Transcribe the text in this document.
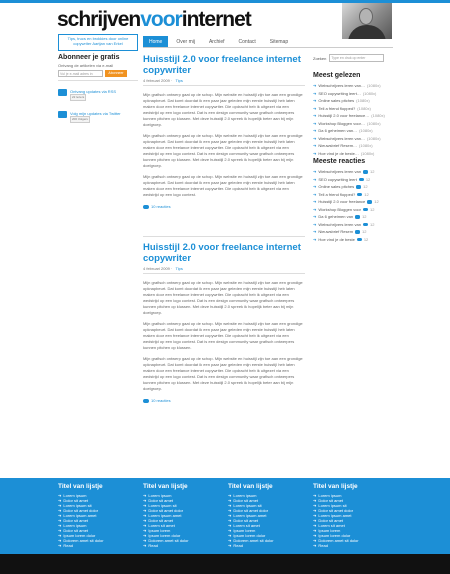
schrijvenvoorinternet
Tips, trucs en brokkies door online copywriter Aartjan van Erkel	Home	Over mij	Archief	Contact	Sitemap
Abonneer je gratis
Ontvang de artikelen via e-mail
Vul je e-mail adres in	Abonneer
Ontvang updates via RSS
22 lezers
Volg mijn updates via Twitter
200 Volgers
Huisstijl 2.0 voor freelance internet copywriter
4 februari 2009 · Tips

Mijn grafisch ontwerp gaat op de schop. Mijn website en huisstijl zijn toe aan een grondige opknapbeurt. Dat komt doordat ik een paar jaar geleden mijn eerste huisstijl heb laten maken door een freelance internet copywriter. Die opdracht heb ik uitgezet via een wedstrijd op een logo contest. Dat is een design community waar grafisch ontwerpers kunnen pitchen op klussen. Met deze huisstijl 2.0 spreek ik hopelijk beter aan bij mijn doelgroep.

Mijn grafisch ontwerp gaat op de schop. Mijn website en huisstijl zijn toe aan een grondige opknapbeurt. Dat komt doordat ik een paar jaar geleden mijn eerste huisstijl heb laten maken door een freelance internet copywriter. Die opdracht heb ik uitgezet via een wedstrijd op een logo contest. Dat is een design community waar grafisch ontwerpers kunnen pitchen op klussen. Met deze huisstijl 2.0 spreek ik hopelijk beter aan bij mijn doelgroep.

Mijn grafisch ontwerp gaat op de schop. Mijn website en huisstijl zijn toe aan een grondige opknapbeurt. Dat komt doordat ik een paar jaar geleden mijn eerste huisstijl heb laten maken door een freelance internet copywriter. Die opdracht heb ik uitgezet via een wedstrijd op een logo contest.

10 reacties
Huisstijl 2.0 voor freelance internet copywriter
4 februari 2009 · Tips

Mijn grafisch ontwerp gaat op de schop. Mijn website en huisstijl zijn toe aan een grondige opknapbeurt. Dat komt doordat ik een paar jaar geleden mijn eerste huisstijl heb laten maken door een freelance internet copywriter. Die opdracht heb ik uitgezet via een wedstrijd op een logo contest. Dat is een design community waar grafisch ontwerpers kunnen pitchen op klussen. Met deze huisstijl 2.0 spreek ik hopelijk beter aan bij mijn doelgroep.

Mijn grafisch ontwerp gaat op de schop. Mijn website en huisstijl zijn toe aan een grondige opknapbeurt. Dat komt doordat ik een paar jaar geleden mijn eerste huisstijl heb laten maken door een freelance internet copywriter. Die opdracht heb ik uitgezet via een wedstrijd op een logo contest. Dat is een design community waar grafisch ontwerpers kunnen pitchen op klussen.

Mijn grafisch ontwerp gaat op de schop. Mijn website en huisstijl zijn toe aan een grondige opknapbeurt. Dat komt doordat ik een paar jaar geleden mijn eerste huisstijl heb laten maken door een freelance internet copywriter. Die opdracht heb ik uitgezet via een wedstrijd op een logo contest. Dat is een design community waar grafisch ontwerpers kunnen pitchen op klussen. Met deze huisstijl 2.0 spreek ik hopelijk beter aan bij mijn doelgroep.

10 reacties
Zoeken	Type en druk op enter
Meest gelezen
➔ Webschrijvers leren van… (1080x)
➔ SEO copywriting leert… (1080x)
➔ Online sales pitches (1080x)
➔ Tell a friend flopped? (1080x)
➔ Huisstijl 2.0 voor freelance… (1080x)
➔ Workshop Bloggen voor… (1080x)
➔ Da 6 geheimen van… (1080x)
➔ Webschrijvers leren van… (1080x)
➔ Nieuwsbrief Resem… (1080x)
➔ Hoe vind je de beste… (1080x)
Meeste reacties
➔ Webschrijvers leren van 12
➔ SEO copywriting leert 12
➔ Online sales pitches 12
➔ Tell a friend flopped? 12
➔ Huisstijl 2.0 voor freelance 12
➔ Workshop Bloggen voor 12
➔ Da 6 geheimen van 12
➔ Webschrijvers leren van 12
➔ Nieuwsbrief Resem 12
➔ Hoe vind je de beste 12
Titel van lijstje
➔ Lorem ipsum
➔ Dolor sit amet
➔ Lorem ipsum sit
➔ Dolor sit amet dolor
➔ Lorem ipsum amet
➔ Dolor sit amet
➔ Lorem ipsum
➔ Dolor sit amet
➔ Ipsum lorem dolor
➔ Dolorem amet sit dolor
➔ Read
Titel van lijstje
➔ Lorem ipsum
➔ Dolor sit amet
➔ Lorem ipsum sit
➔ Dolor sit amet dolor
➔ Lorem ipsum amet
➔ Dolor sit amet
➔ Lorem sit amet
➔ Ipsum lorem
➔ Ipsum lorem dolor
➔ Dolorem amet sit dolor
➔ Read
Titel van lijstje
➔ Lorem ipsum
➔ Dolor sit amet
➔ Lorem ipsum sit
➔ Dolor sit amet dolor
➔ Lorem ipsum amet
➔ Dolor sit amet
➔ Lorem sit amet
➔ Ipsum lorem
➔ Ipsum lorem dolor
➔ Dolorem amet sit dolor
➔ Read
Titel van lijstje
➔ Lorem ipsum
➔ Dolor sit amet
➔ Lorem ipsum sit
➔ Dolor sit amet dolor
➔ Lorem ipsum amet
➔ Dolor sit amet
➔ Lorem sit amet
➔ Ipsum lorem
➔ Ipsum lorem dolor
➔ Dolorem amet sit dolor
➔ Read
